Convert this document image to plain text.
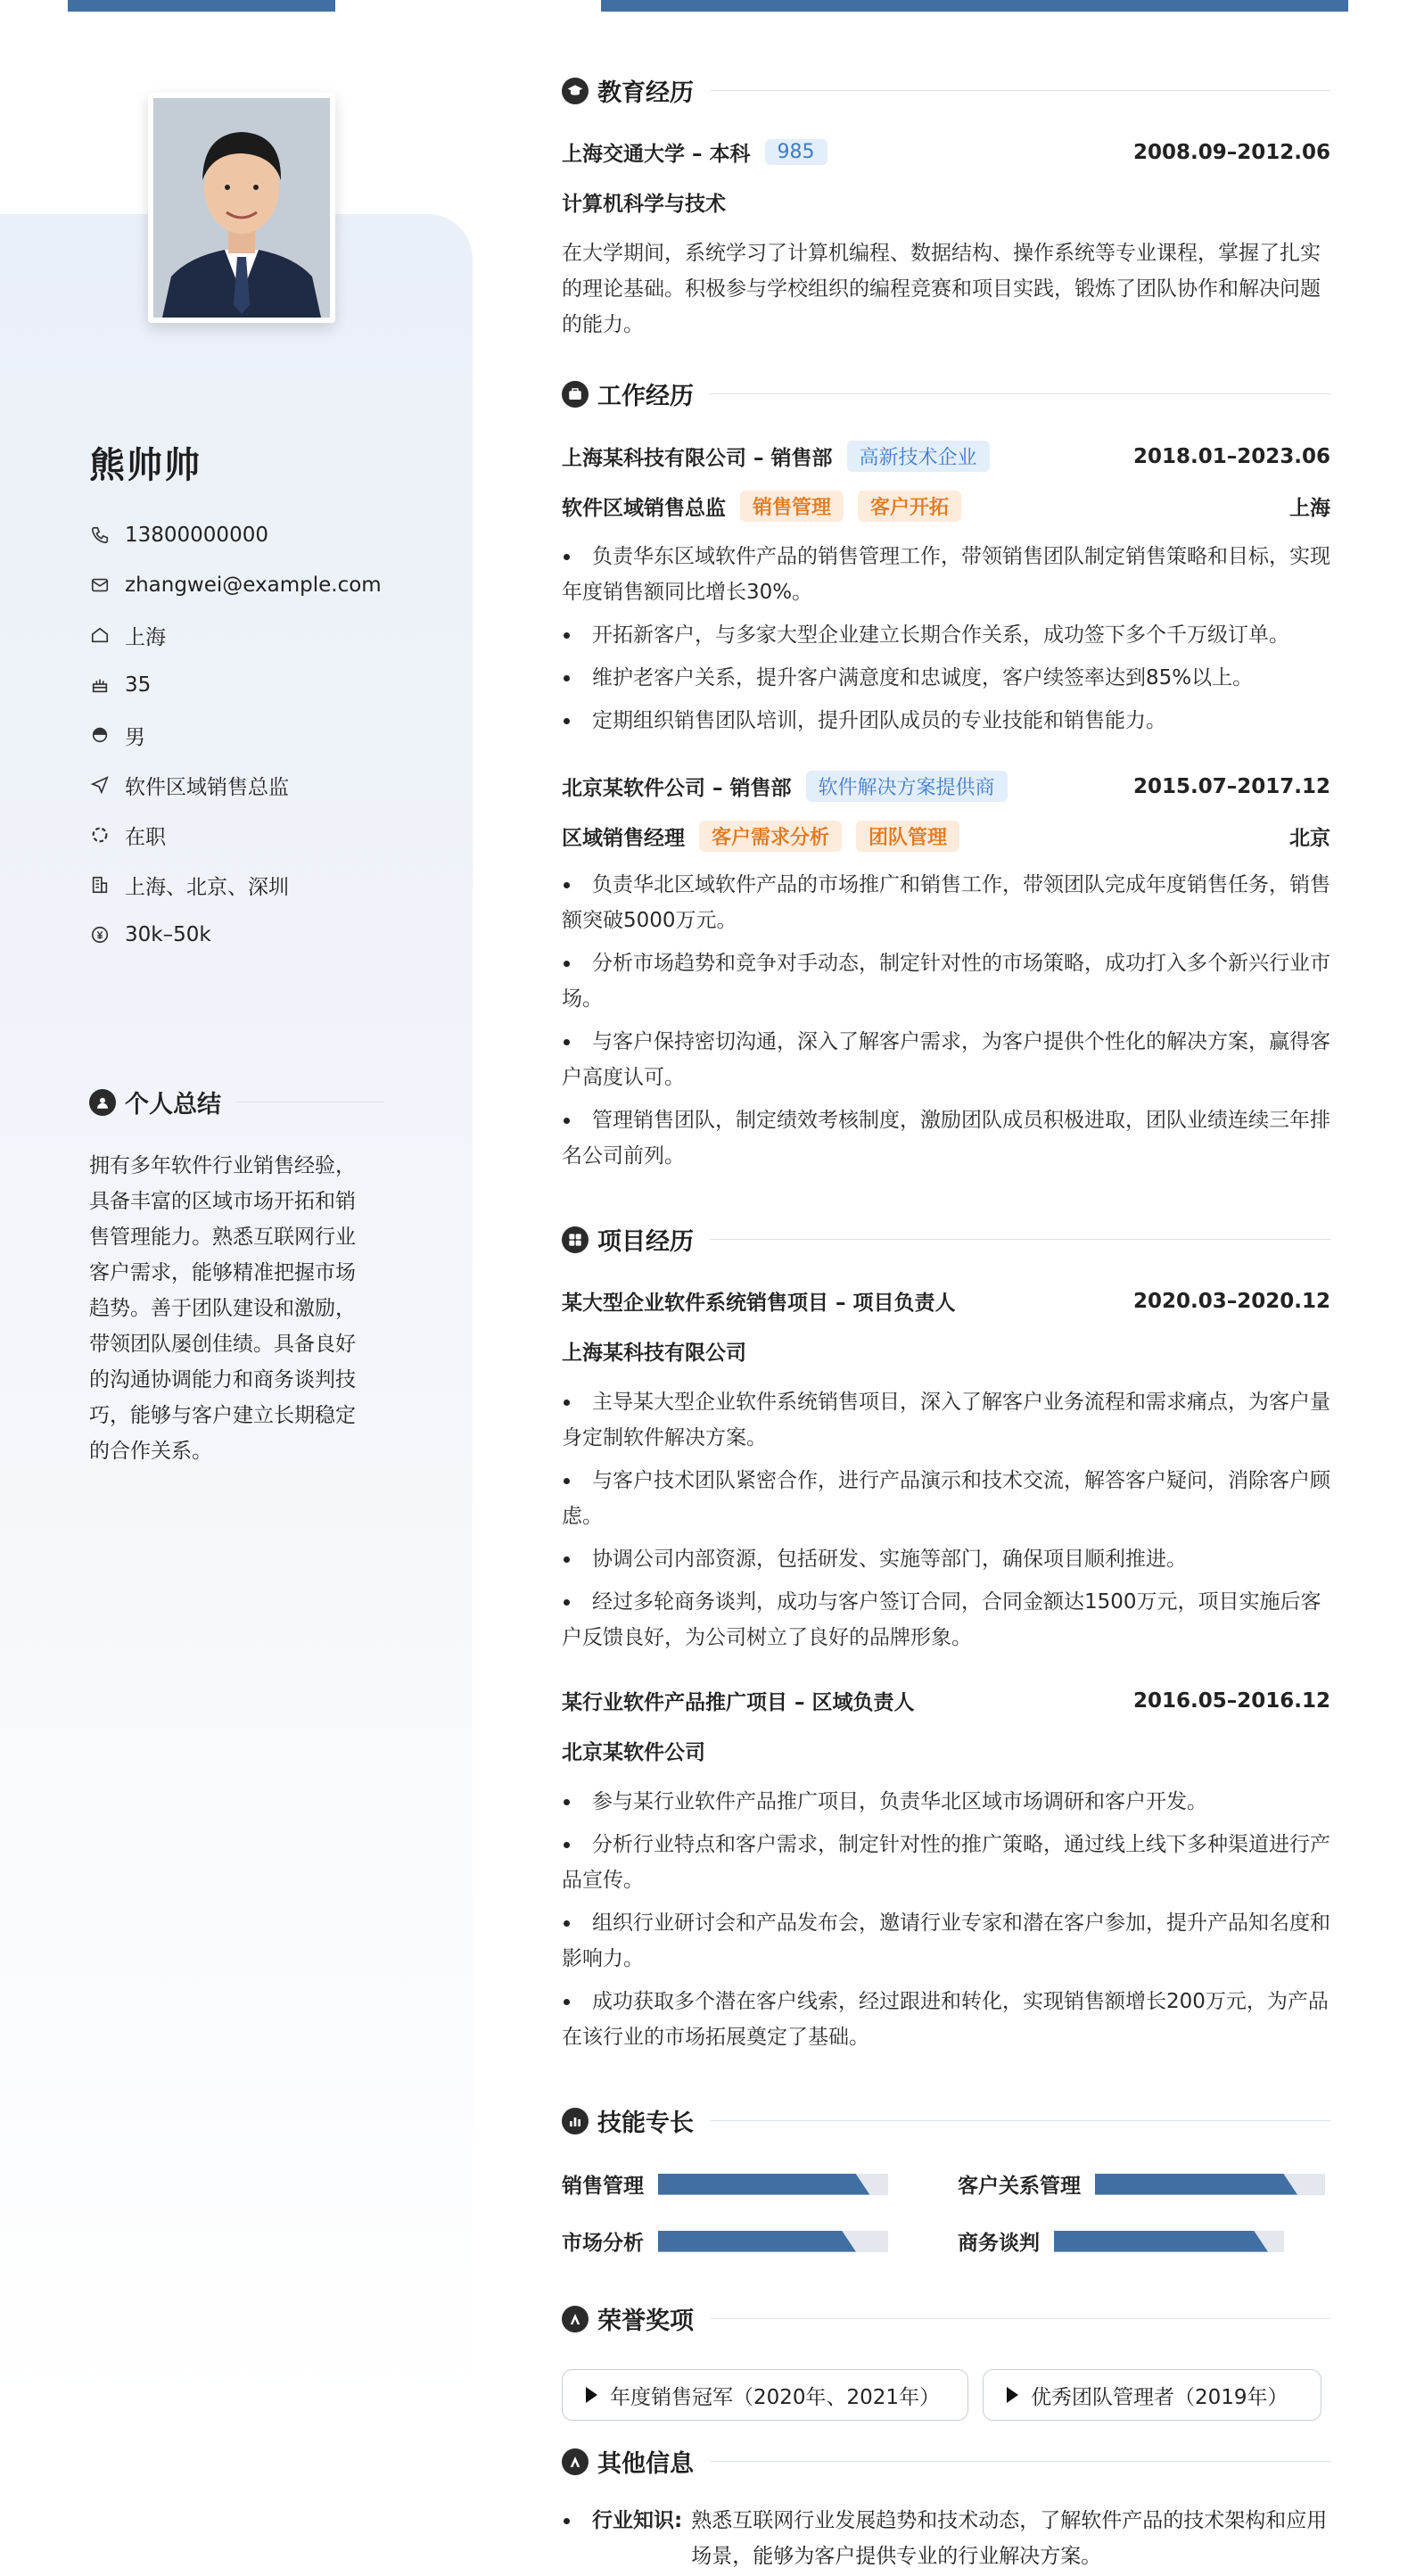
熊帅帅
13800000000
zhangwei@example.com
上海
35
男
软件区域销售总监
在职
上海、北京、深圳
30k–50k
个人总结
拥有多年软件行业销售经验，具备丰富的区域市场开拓和销售管理能力。熟悉互联网行业客户需求，能够精准把握市场趋势。善于团队建设和激励，带领团队屡创佳绩。具备良好的沟通协调能力和商务谈判技巧，能够与客户建立长期稳定的合作关系。
教育经历
上海交通大学 – 本科	985	2008.09–2012.06
计算机科学与技术
在大学期间，系统学习了计算机编程、数据结构、操作系统等专业课程，掌握了扎实的理论基础。积极参与学校组织的编程竞赛和项目实践，锻炼了团队协作和解决问题的能力。
工作经历
上海某科技有限公司 – 销售部	高新技术企业	2018.01–2023.06
软件区域销售总监	销售管理	客户开拓	上海
负责华东区域软件产品的销售管理工作，带领销售团队制定销售策略和目标，实现年度销售额同比增长30%。
开拓新客户，与多家大型企业建立长期合作关系，成功签下多个千万级订单。
维护老客户关系，提升客户满意度和忠诚度，客户续签率达到85%以上。
定期组织销售团队培训，提升团队成员的专业技能和销售能力。
北京某软件公司 – 销售部	软件解决方案提供商	2015.07–2017.12
区域销售经理	客户需求分析	团队管理	北京
负责华北区域软件产品的市场推广和销售工作，带领团队完成年度销售任务，销售额突破5000万元。
分析市场趋势和竞争对手动态，制定针对性的市场策略，成功打入多个新兴行业市场。
与客户保持密切沟通，深入了解客户需求，为客户提供个性化的解决方案，赢得客户高度认可。
管理销售团队，制定绩效考核制度，激励团队成员积极进取，团队业绩连续三年排名公司前列。
项目经历
某大型企业软件系统销售项目 – 项目负责人	2020.03–2020.12
上海某科技有限公司
主导某大型企业软件系统销售项目，深入了解客户业务流程和需求痛点，为客户量身定制软件解决方案。
与客户技术团队紧密合作，进行产品演示和技术交流，解答客户疑问，消除客户顾虑。
协调公司内部资源，包括研发、实施等部门，确保项目顺利推进。
经过多轮商务谈判，成功与客户签订合同，合同金额达1500万元，项目实施后客户反馈良好，为公司树立了良好的品牌形象。
某行业软件产品推广项目 – 区域负责人	2016.05–2016.12
北京某软件公司
参与某行业软件产品推广项目，负责华北区域市场调研和客户开发。
分析行业特点和客户需求，制定针对性的推广策略，通过线上线下多种渠道进行产品宣传。
组织行业研讨会和产品发布会，邀请行业专家和潜在客户参加，提升产品知名度和影响力。
成功获取多个潜在客户线索，经过跟进和转化，实现销售额增长200万元，为产品在该行业的市场拓展奠定了基础。
技能专长
销售管理	客户关系管理
市场分析	商务谈判
荣誉奖项
年度销售冠军（2020年、2021年）	优秀团队管理者（2019年）
其他信息
行业知识: 熟悉互联网行业发展趋势和技术动态，了解软件产品的技术架构和应用场景，能够为客户提供专业的行业解决方案。
